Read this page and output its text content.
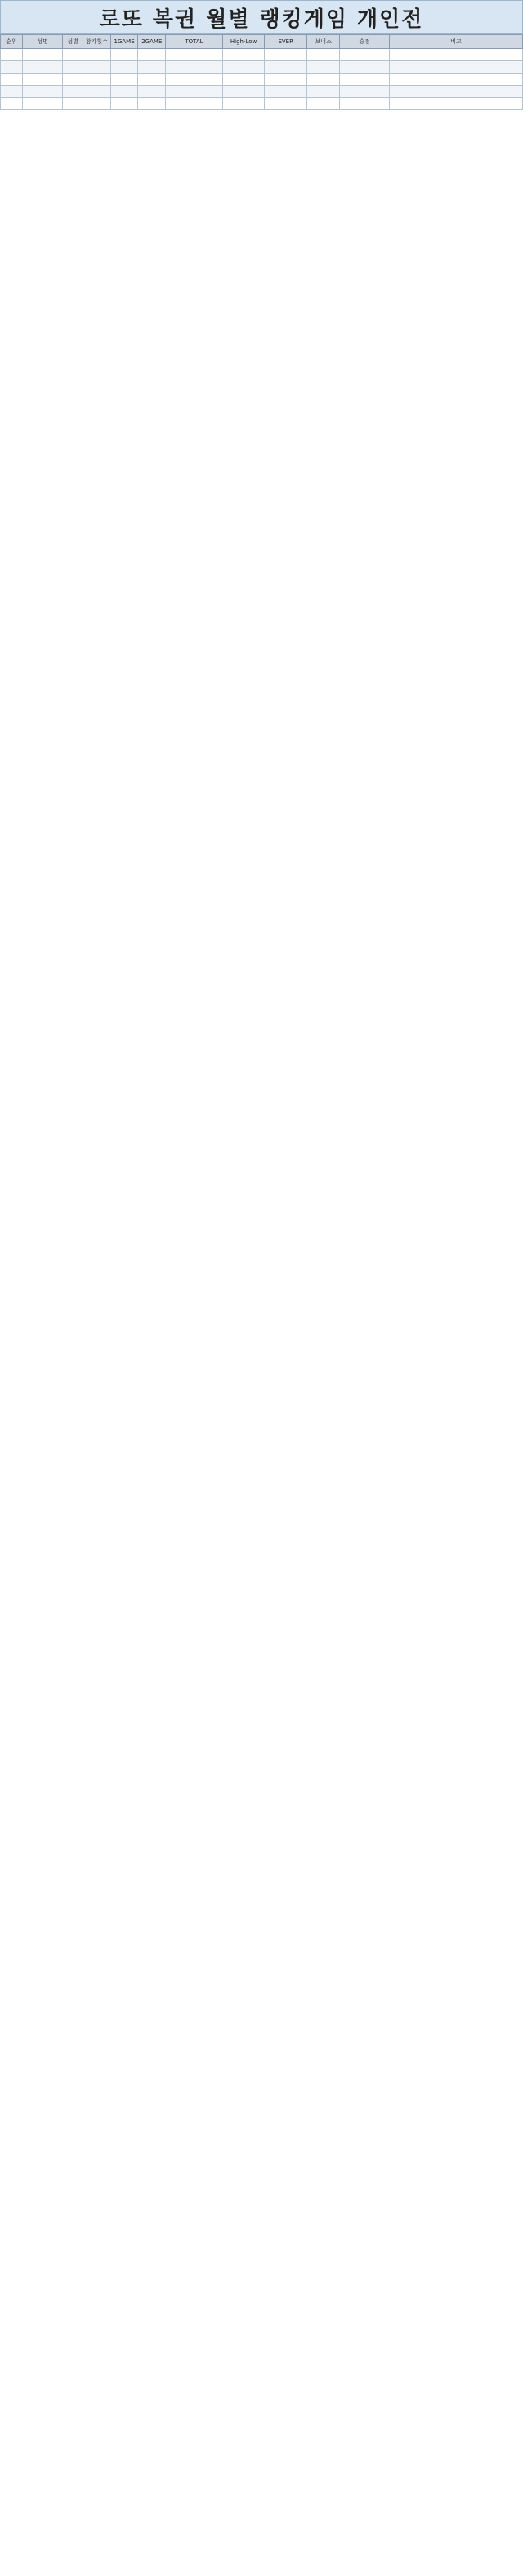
로또 복권 월별 랭킹게임 개인전
순위	성명	성별	참가횟수	1GAME	2GAME	TOTAL	High-Low	EVER	보너스	승점	비고
